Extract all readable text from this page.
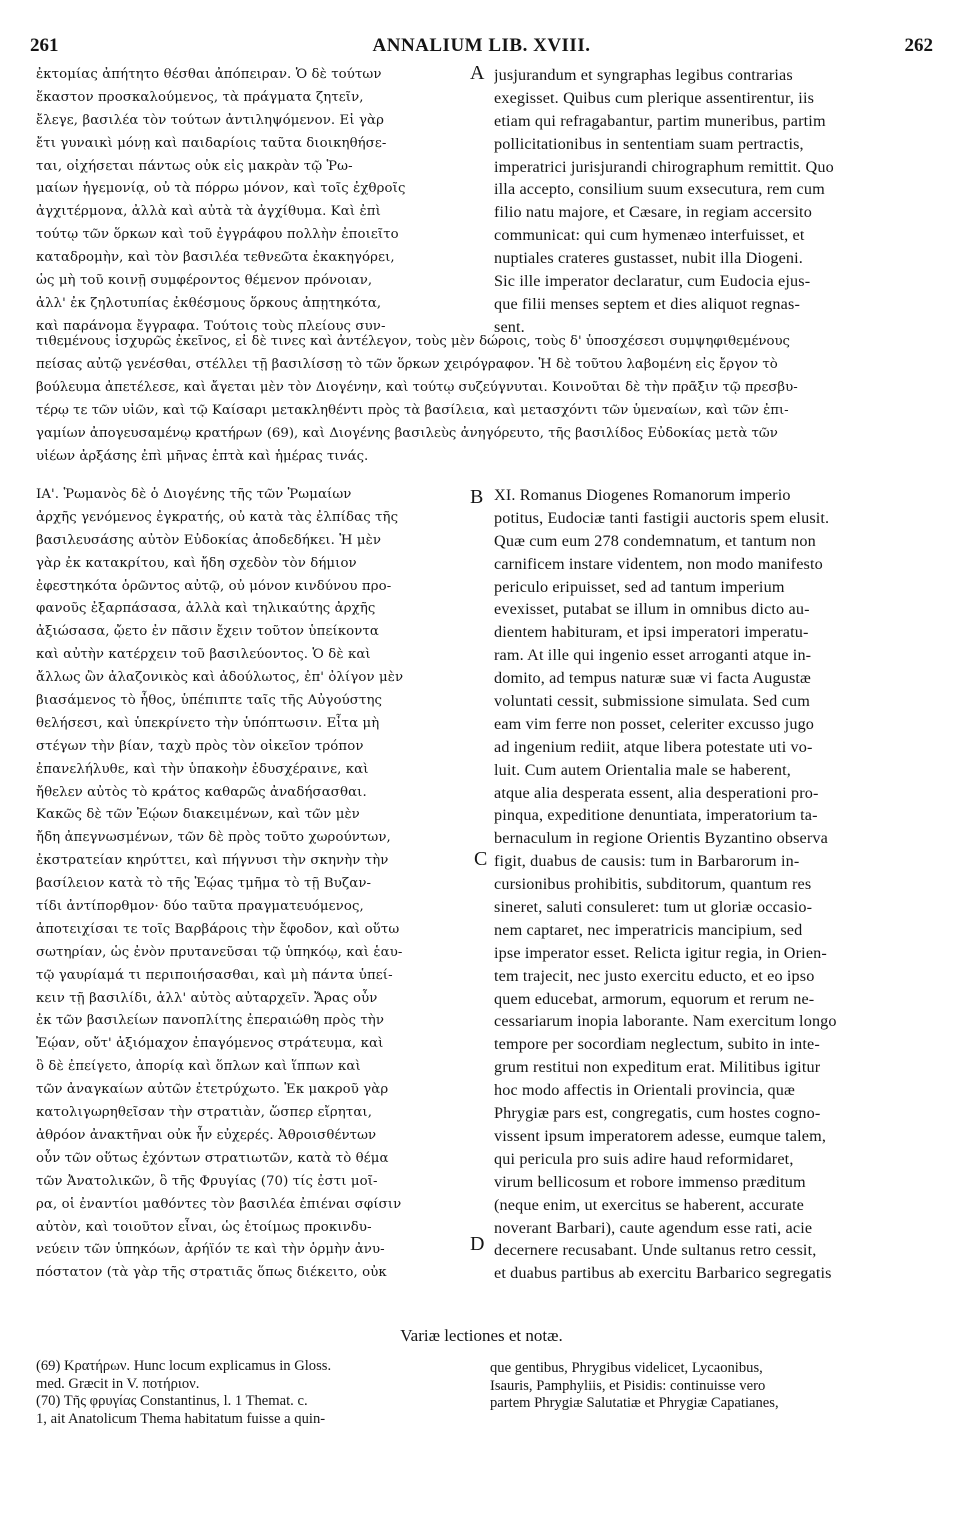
261	ANNALIUM LIB. XVIII.	262
ἐκτομίας ἀπήτητο θέσθαι ἀπόπειραν. Ὁ δὲ τούτων
ἕκαστον προσκαλούμενος, τὰ πράγματα ζητεῖν,
ἔλεγε, βασιλέα τὸν τούτων ἀντιληψόμενον. Εἰ γὰρ
ἔτι γυναικὶ μόνῃ καὶ παιδαρίοις ταῦτα διοικηθήσε-
ται, οἰχήσεται πάντως οὐκ εἰς μακρὰν τῷ Ῥω-
μαίων ἡγεμονίᾳ, οὐ τὰ πόρρω μόνον, καὶ τοῖς ἐχθροῖς
ἀγχιτέρμονα, ἀλλὰ καὶ αὐτὰ τὰ ἀγχίθυμα. Καὶ ἐπὶ
τούτῳ τῶν ὅρκων καὶ τοῦ ἐγγράφου πολλὴν ἐποιεῖτο
καταδρομὴν, καὶ τὸν βασιλέα τεθνεῶτα ἐκακηγόρει,
ὡς μὴ τοῦ κοινῇ συμφέροντος θέμενον πρόνοιαν,
ἀλλ' ἐκ ζηλοτυπίας ἐκθέσμους ὅρκους ἀπῃτηκότα,
καὶ παράνομα ἔγγραφα. Τούτοις τοὺς πλείους συν-
jusjurandum et syngraphas legibus contrarias
exegisset. Quibus cum plerique assentirentur, iis
etiam qui refragabantur, partim muneribus, partim
pollicitationibus in sententiam suam pertractis,
imperatrici jurisjurandi chirographum remittit. Quo
illa accepto, consilium suum exsecutura, rem cum
filio natu majore, et Cæsare, in regiam accersito
communicat: qui cum hymenæo interfuisset, et
nuptiales crateres gustasset, nubit illa Diogeni.
Sic ille imperator declaratur, cum Eudocia ejus-
que filii menses septem et dies aliquot regnas-
sent.
A
τιθεμένους ἰσχυρῶς ἐκεῖνος, εἰ δὲ τινες καὶ ἀντέλεγον, τοὺς μὲν δώροις, τοὺς δ' ὑποσχέσεσι συμψηφιθεμένους
πείσας αὐτῷ γενέσθαι, στέλλει τῇ βασιλίσσῃ τὸ τῶν ὅρκων χειρόγραφον. Ἡ δὲ τοῦτου λαβομένη εἰς ἔργον τὸ
βούλευμα ἀπετέλεσε, καὶ ἄγεται μὲν τὸν Διογένην, καὶ τούτῳ συζεύγνυται. Κοινοῦται δὲ τὴν πρᾶξιν τῷ πρεσβυ-
τέρῳ τε τῶν υἱῶν, καὶ τῷ Καίσαρι μετακληθέντι πρὸς τὰ βασίλεια, καὶ μετασχόντι τῶν ὑμεναίων, καὶ τῶν ἐπι-
γαμίων ἀπογευσαμένῳ κρατήρων (69), καὶ Διογένης βασιλεὺς ἀνηγόρευτο, τῆς βασιλίδος Εὐδοκίας μετὰ τῶν
υἱέων ἀρξάσης ἐπὶ μῆνας ἑπτὰ καὶ ἡμέρας τινάς.
B
C
D
ΙΑ'. Ῥωμανὸς δὲ ὁ Διογένης τῆς τῶν Ῥωμαίων
ἀρχῆς γενόμενος ἐγκρατής, οὐ κατὰ τὰς ἐλπίδας τῆς
βασιλευσάσης αὐτὸν Εὐδοκίας ἀποδεδήκει. Ἡ μὲν
γὰρ ἐκ κατακρίτου, καὶ ἤδη σχεδὸν τὸν δήμιον
ἐφεστηκότα ὁρῶντος αὐτῷ, οὐ μόνον κινδύνου προ-
φανοῦς ἐξαρπάσασα, ἀλλὰ καὶ τηλικαύτης ἀρχῆς
ἀξιώσασα, ᾤετο ἐν πᾶσιν ἔχειν τοῦτον ὑπείκοντα
καὶ αὐτὴν κατέρχειν τοῦ βασιλεύοντος. Ὁ δὲ καὶ
ἄλλως ὢν ἀλαζονικὸς καὶ ἀδούλωτος, ἐπ' ὀλίγον μὲν
βιασάμενος τὸ ἦθος, ὑπέπιπτε ταῖς τῆς Αὐγούστης
θελήσεσι, καὶ ὑπεκρίνετο τὴν ὑπόπτωσιν. Εἶτα μὴ
στέγων τὴν βίαν, ταχὺ πρὸς τὸν οἰκεῖον τρόπον
ἐπανελήλυθε, καὶ τὴν ὑπακοὴν ἐδυσχέραινε, καὶ
ἤθελεν αὐτὸς τὸ κράτος καθαρῶς ἀναδήσασθαι.
Κακῶς δὲ τῶν Ἐῴων διακειμένων, καὶ τῶν μὲν
ἤδη ἀπεγνωσμένων, τῶν δὲ πρὸς τοῦτο χωρούντων,
ἐκστρατείαν κηρύττει, καὶ πήγνυσι τὴν σκηνὴν τὴν
βασίλειον κατὰ τὸ τῆς Ἐῴας τμῆμα τὸ τῇ Βυζαν-
τίδι ἀντίπορθμον· δύο ταῦτα πραγματευόμενος,
ἀποτειχίσαι τε τοῖς Βαρβάροις τὴν ἔφοδον, καὶ οὕτω
σωτηρίαν, ὡς ἐνὸν πρυτανεῦσαι τῷ ὑπηκόῳ, καὶ ἑαυ-
τῷ γαυρίαμά τι περιποιήσασθαι, καὶ μὴ πάντα ὑπεί-
κειν τῇ βασιλίδι, ἀλλ' αὐτὸς αὐταρχεῖν. Ἄρας οὖν
ἐκ τῶν βασιλείων πανοπλίτης ἐπεραιώθη πρὸς τὴν
Ἐῴαν, οὔτ' ἀξιόμαχον ἐπαγόμενος στράτευμα, καὶ
ὃ δὲ ἐπείγετο, ἀπορίᾳ καὶ ὅπλων καὶ ἵππων καὶ
τῶν ἀναγκαίων αὐτῶν ἐτετρύχωτο. Ἐκ μακροῦ γὰρ
κατολιγωρηθεῖσαν τὴν στρατιὰν, ὥσπερ εἴρηται,
ἀθρόον ἀνακτῆναι οὐκ ἦν εὐχερές. Ἀθροισθέντων
οὖν τῶν οὕτως ἐχόντων στρατιωτῶν, κατὰ τὸ θέμα
τῶν Ἀνατολικῶν, ὃ τῆς Φρυγίας (70) τίς ἐστι μοῖ-
ρα, οἱ ἐναντίοι μαθόντες τὸν βασιλέα ἐπιέναι σφίσιν
αὐτὸν, καὶ τοιοῦτον εἶναι, ὡς ἑτοίμως προκινδυ-
νεύειν τῶν ὑπηκόων, ἀρήϊόν τε καὶ τὴν ὁρμὴν ἀνυ-
πόστατον (τὰ γὰρ τῆς στρατιᾶς ὅπως διέκειτο, οὐκ
XI. Romanus Diogenes Romanorum imperio
potitus, Eudociæ tanti fastigii auctoris spem elusit.
Quæ cum eum 278 condemnatum, et tantum non
carnificem instare videntem, non modo manifesto
periculo eripuisset, sed ad tantum imperium
evexisset, putabat se illum in omnibus dicto au-
dientem habituram, et ipsi imperatori imperatu-
ram. At ille qui ingenio esset arroganti atque in-
domito, ad tempus naturæ suæ vi facta Augustæ
voluntati cessit, submissione simulata. Sed cum
eam vim ferre non posset, celeriter excusso jugo
ad ingenium rediit, atque libera potestate uti vo-
luit. Cum autem Orientalia male se haberent,
atque alia desperata essent, alia desperationi pro-
pinqua, expeditione denuntiata, imperatorium ta-
bernaculum in regione Orientis Byzantino observa
figit, duabus de causis: tum in Barbarorum in-
cursionibus prohibitis, subditorum, quantum res
sineret, saluti consuleret: tum ut gloriæ occasio-
nem captaret, nec imperatricis mancipium, sed
ipse imperator esset. Relicta igitur regia, in Orien-
tem trajecit, nec justo exercitu educto, et eo ipso
quem educebat, armorum, equorum et rerum ne-
cessariarum inopia laborante. Nam exercitum longo
tempore per socordiam neglectum, subito in inte-
grum restitui non expeditum erat. Militibus igitur
hoc modo affectis in Orientali provincia, quæ
Phrygiæ pars est, congregatis, cum hostes cogno-
vissent ipsum imperatorem adesse, eumque talem,
qui pericula pro suis adire haud reformidaret,
virum bellicosum et robore immenso præditum
(neque enim, ut exercitus se haberent, accurate
noverant Barbari), caute agendum esse rati, acie
decernere recusabant. Unde sultanus retro cessit,
et duabus partibus ab exercitu Barbarico segregatis
Variæ lectiones et notæ.
(69) Κρατήρων. Hunc locum explicamus in Gloss.
med. Græcit in V. ποτήριον.
(70) Τῆς φρυγίας Constantinus, l. 1 Themat. c.
1, ait Anatolicum Thema habitatum fuisse a quin-
que gentibus, Phrygibus videlicet, Lycaonibus,
Isauris, Pamphyliis, et Pisidis: continuisse vero
partem Phrygiæ Salutatiæ et Phrygiæ Capatianes,
